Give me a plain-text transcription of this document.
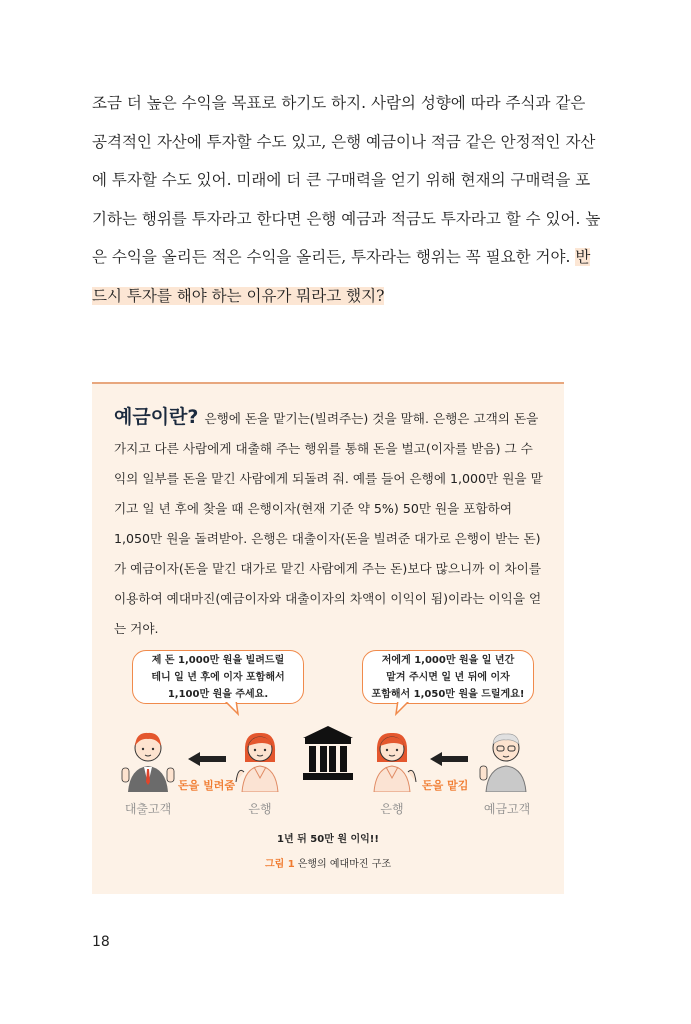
조금 더 높은 수익을 목표로 하기도 하지. 사람의 성향에 따라 주식과 같은 공격적인 자산에 투자할 수도 있고, 은행 예금이나 적금 같은 안정적인 자산에 투자할 수도 있어. 미래에 더 큰 구매력을 얻기 위해 현재의 구매력을 포기하는 행위를 투자라고 한다면 은행 예금과 적금도 투자라고 할 수 있어. 높은 수익을 올리든 적은 수익을 올리든, 투자라는 행위는 꼭 필요한 거야. 반드시 투자를 해야 하는 이유가 뭐라고 했지?

예금이란? 은행에 돈을 맡기는(빌려주는) 것을 말해. 은행은 고객의 돈을 가지고 다른 사람에게 대출해 주는 행위를 통해 돈을 벌고(이자를 받음) 그 수익의 일부를 돈을 맡긴 사람에게 되돌려 줘. 예를 들어 은행에 1,000만 원을 맡기고 일 년 후에 찾을 때 은행이자(현재 기준 약 5%) 50만 원을 포함하여 1,050만 원을 돌려받아. 은행은 대출이자(돈을 빌려준 대가로 은행이 받는 돈)가 예금이자(돈을 맡긴 대가로 맡긴 사람에게 주는 돈)보다 많으니까 이 차이를 이용하여 예대마진(예금이자와 대출이자의 차액이 이익이 됨)이라는 이익을 얻는 거야.

제 돈 1,000만 원을 빌려드릴
테니 일 년 후에 이자 포함해서
1,100만 원을 주세요.
저에게 1,000만 원을 일 년간
맡겨 주시면 일 년 뒤에 이자
포함해서 1,050만 원을 드릴게요!
돈을 빌려줌	돈을 맡김
대출고객	은행	은행	예금고객
1년 뒤 50만 원 이익!!
그림 1 은행의 예대마진 구조
18
